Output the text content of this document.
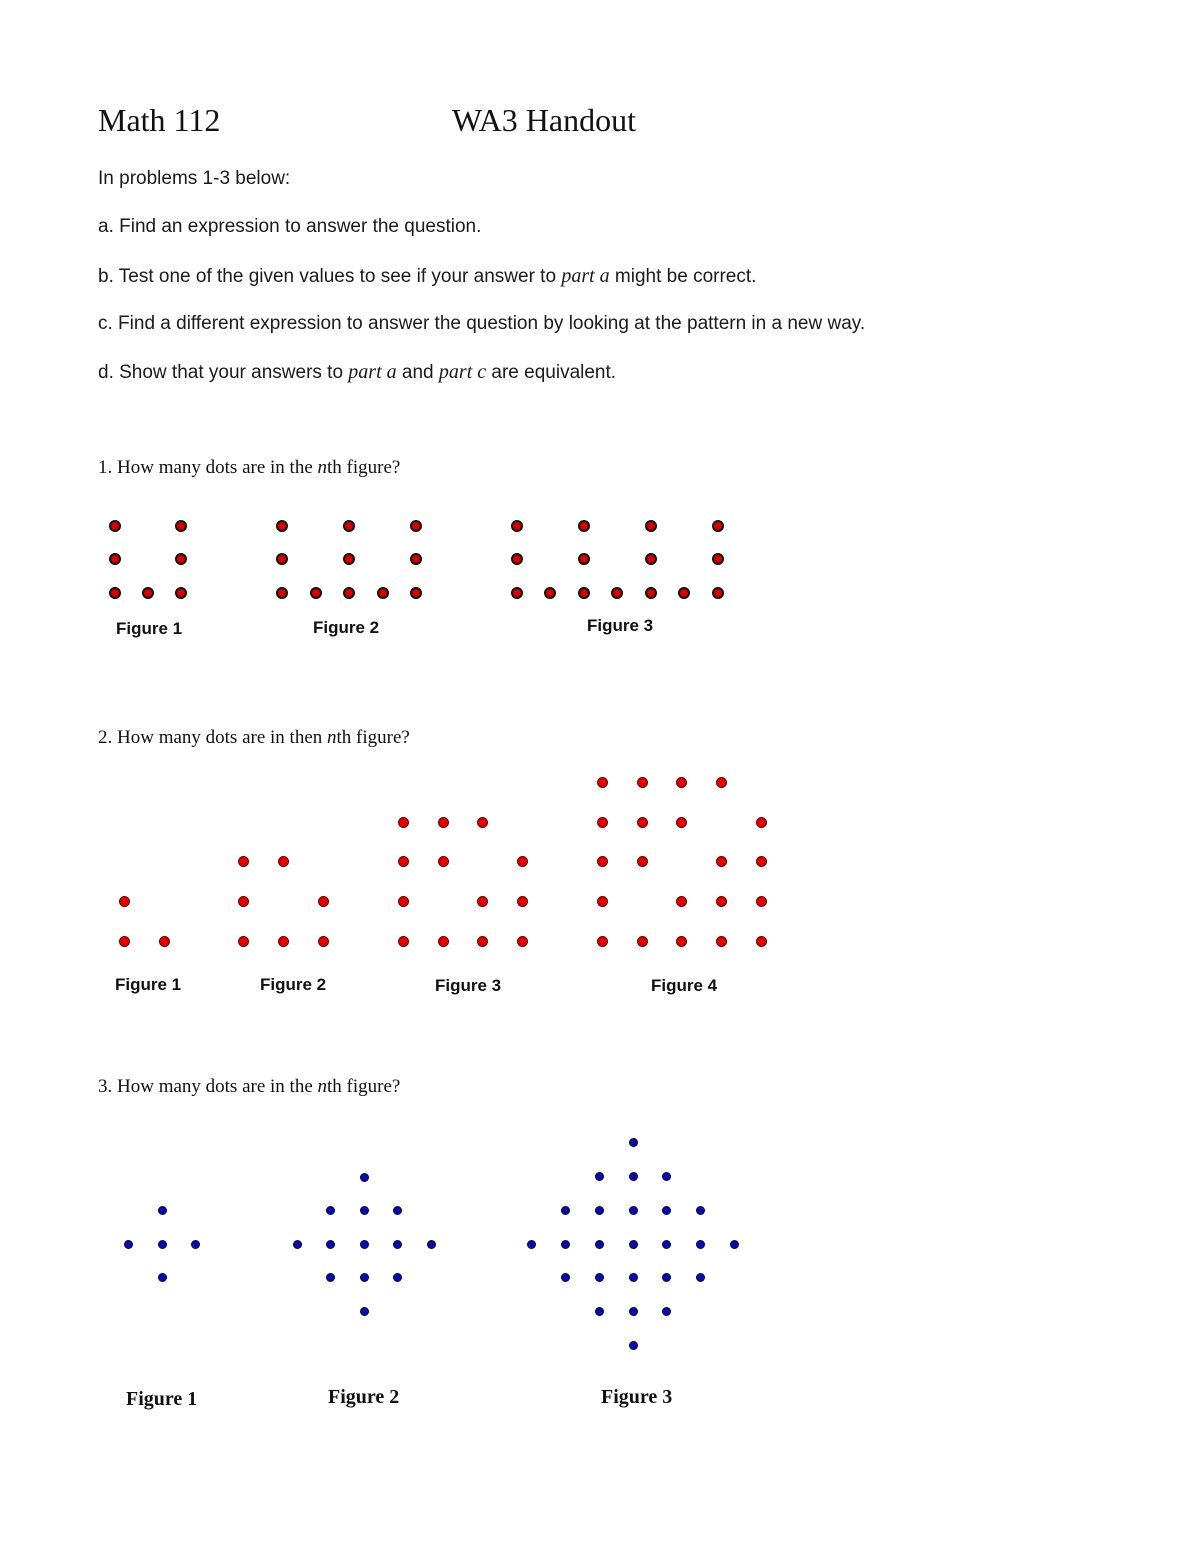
Math 112	WA3 Handout
In problems 1-3 below:
a. Find an expression to answer the question.
b. Test one of the given values to see if your answer to part a might be correct.
c. Find a different expression to answer the question by looking at the pattern in a new way.
d. Show that your answers to part a and part c are equivalent.
1. How many dots are in the nth figure?
Figure 1	Figure 2	Figure 3
2. How many dots are in then nth figure?
Figure 1	Figure 2	Figure 3	Figure 4
3. How many dots are in the nth figure?
Figure 1	Figure 2	Figure 3
